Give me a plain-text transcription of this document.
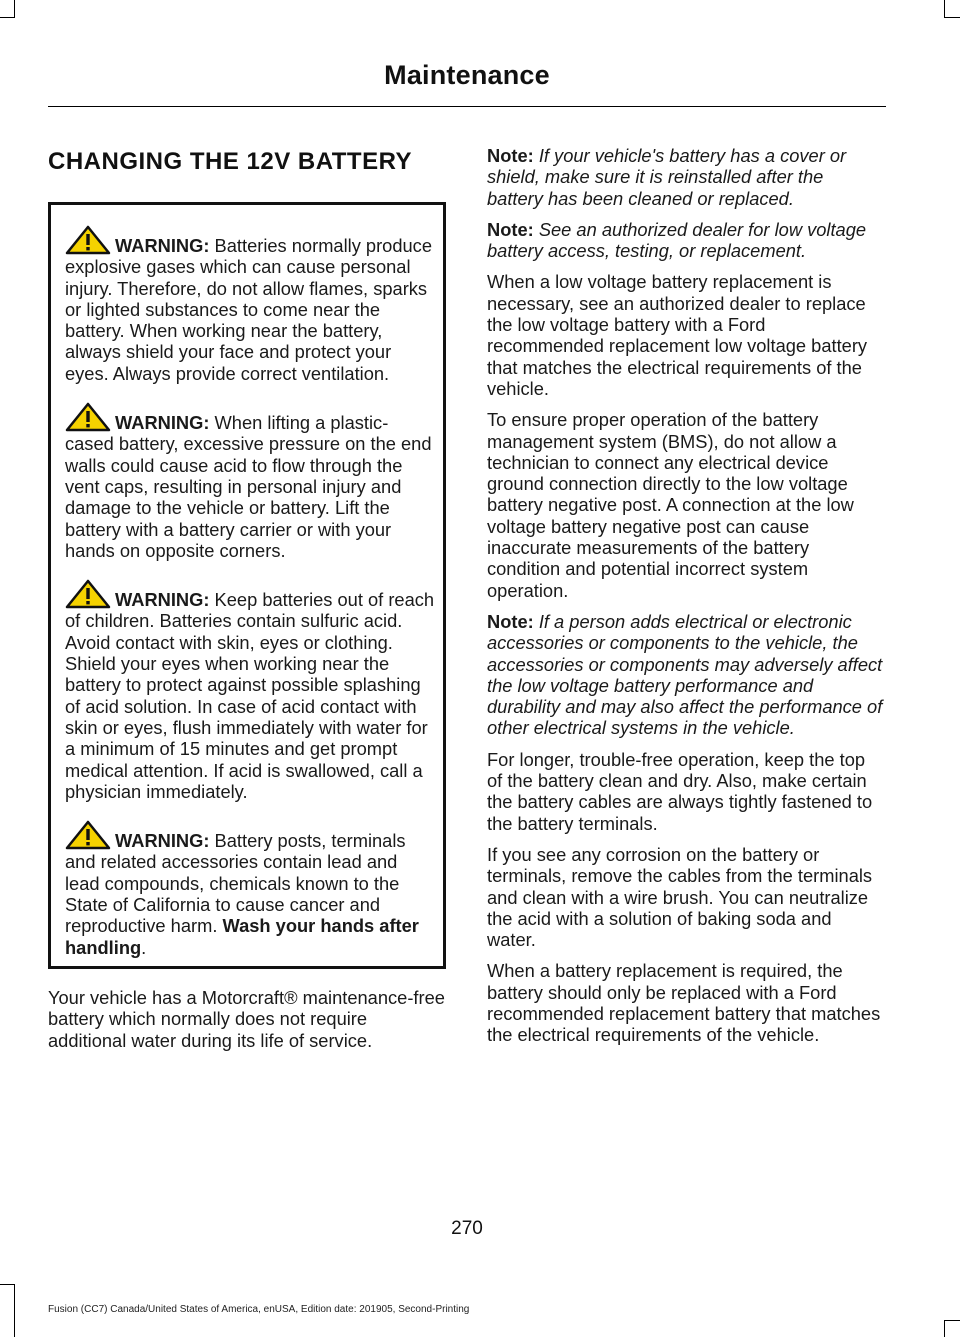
Maintenance
CHANGING THE 12V BATTERY

WARNING: Batteries normally produce explosive gases which can cause personal injury. Therefore, do not allow flames, sparks or lighted substances to come near the battery. When working near the battery, always shield your face and protect your eyes. Always provide correct ventilation.

WARNING: When lifting a plastic-cased battery, excessive pressure on the end walls could cause acid to flow through the vent caps, resulting in personal injury and damage to the vehicle or battery. Lift the battery with a battery carrier or with your hands on opposite corners.

WARNING: Keep batteries out of reach of children. Batteries contain sulfuric acid. Avoid contact with skin, eyes or clothing. Shield your eyes when working near the battery to protect against possible splashing of acid solution. In case of acid contact with skin or eyes, flush immediately with water for a minimum of 15 minutes and get prompt medical attention. If acid is swallowed, call a physician immediately.

WARNING: Battery posts, terminals and related accessories contain lead and lead compounds, chemicals known to the State of California to cause cancer and reproductive harm. Wash your hands after handling.

Your vehicle has a Motorcraft® maintenance-free battery which normally does not require additional water during its life of service.

Note: If your vehicle's battery has a cover or shield, make sure it is reinstalled after the battery has been cleaned or replaced.

Note: See an authorized dealer for low voltage battery access, testing, or replacement.

When a low voltage battery replacement is necessary, see an authorized dealer to replace the low voltage battery with a Ford recommended replacement low voltage battery that matches the electrical requirements of the vehicle.

To ensure proper operation of the battery management system (BMS), do not allow a technician to connect any electrical device ground connection directly to the low voltage battery negative post. A connection at the low voltage battery negative post can cause inaccurate measurements of the battery condition and potential incorrect system operation.

Note: If a person adds electrical or electronic accessories or components to the vehicle, the accessories or components may adversely affect the low voltage battery performance and durability and may also affect the performance of other electrical systems in the vehicle.

For longer, trouble-free operation, keep the top of the battery clean and dry. Also, make certain the battery cables are always tightly fastened to the battery terminals.

If you see any corrosion on the battery or terminals, remove the cables from the terminals and clean with a wire brush. You can neutralize the acid with a solution of baking soda and water.

When a battery replacement is required, the battery should only be replaced with a Ford recommended replacement battery that matches the electrical requirements of the vehicle.

270
Fusion (CC7) Canada/United States of America, enUSA, Edition date: 201905, Second-Printing
